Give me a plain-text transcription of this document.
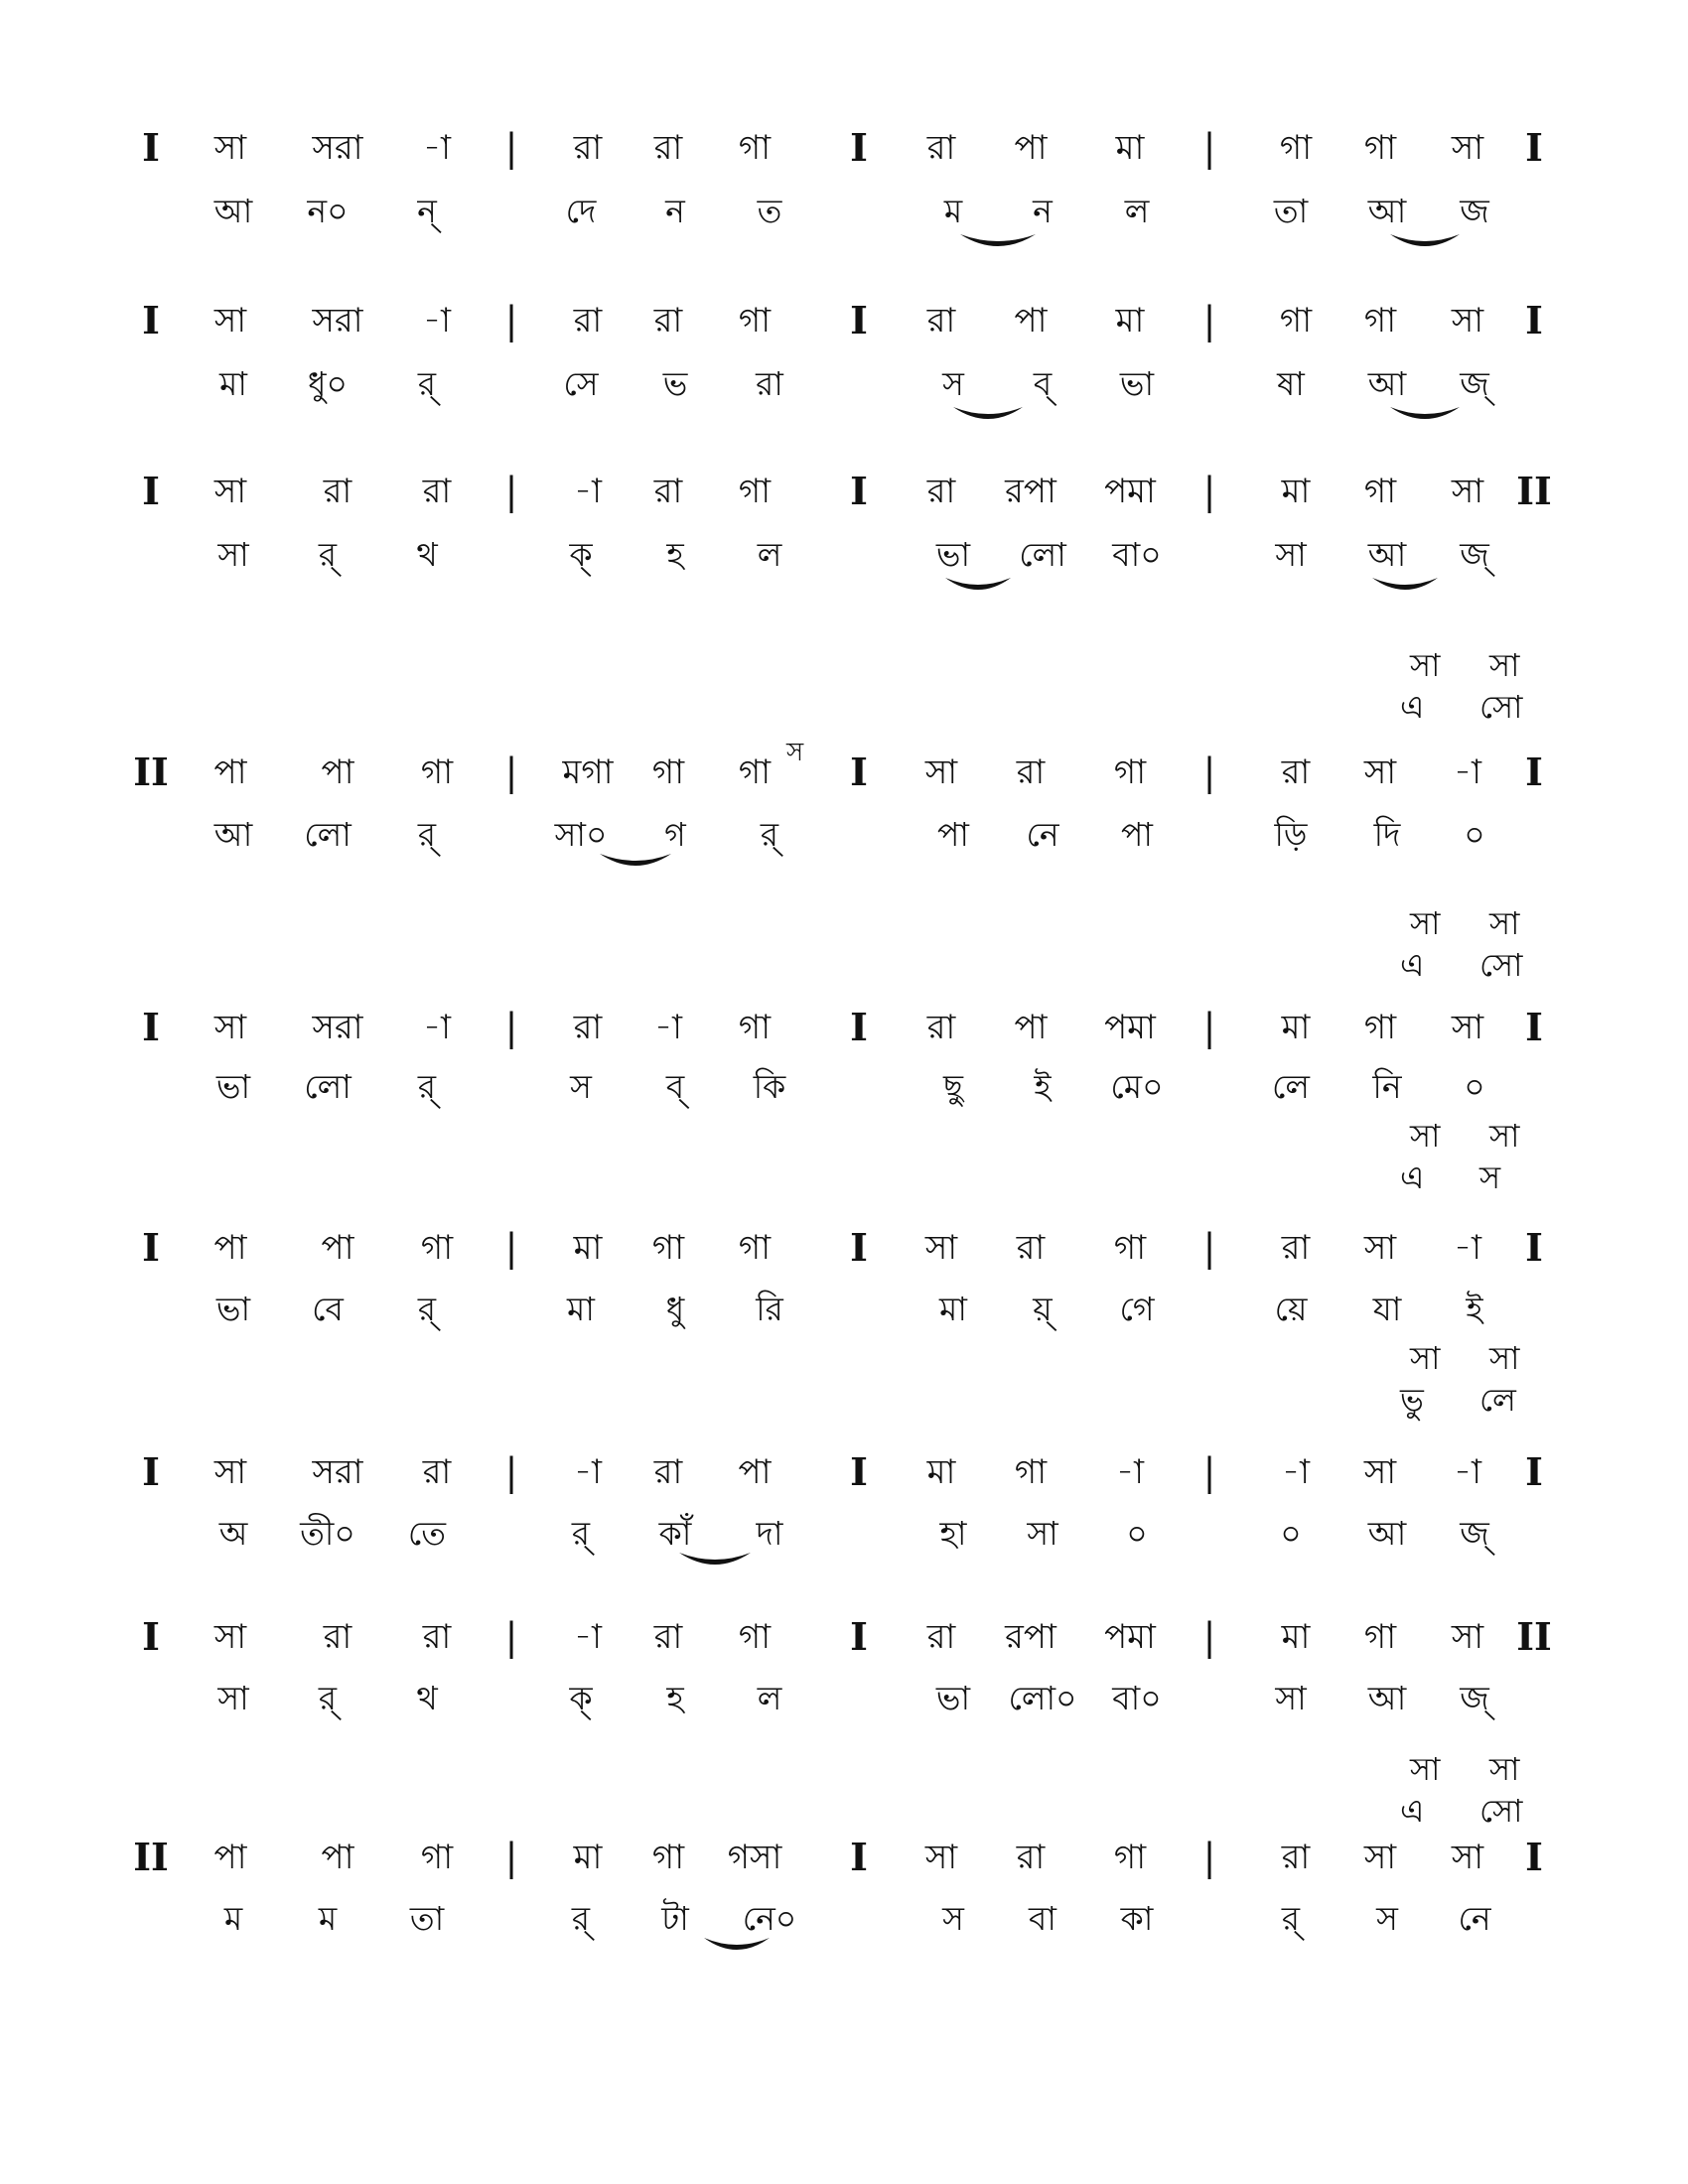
I সা সরা -া | রা রা গা I রা পা মা | গা গা সা I
আ ন০ ন্	দে ন ত	ম ন ল	তা আ জ
I সা সরা -া | রা রা গা I রা পা মা | গা গা সা I
মা ধু০ র্	সে ভ রা	স ব্ ভা	ষা আ জ্
I সা রা রা | -া রা গা I রা রপা পমা | মা গা সা II
সা র্ থ	ক্ হ ল	ভা লো বা০	সা আ জ্
II পা পা গা | মগা গা গা I সা রা গা | রা সা -া I
স
আ লো র্	সা০ গ র্	পা নে পা	ড়ি দি ০
সা সা
এ সো
I সা সরা -া | রা -া গা I রা পা পমা | মা গা সা I
ভা লো র্	স ব্ কি	ছু ই মে০	লে নি ০
সা সা
এ সো
I পা পা গা | মা গা গা I সা রা গা | রা সা -া I
ভা বে র্	মা ধু রি	মা য়্ গে	য়ে যা ই
সা সা
এ স
I সা সরা রা | -া রা পা I মা গা -া | -া সা -া I
অ তী০ তে	র্ কাঁ দা	হা সা ০	০ আ জ্
সা সা
ভু লে
I সা রা রা | -া রা গা I রা রপা পমা | মা গা সা II
সা র্ থ	ক্ হ ল	ভা লো০ বা০	সা আ জ্
II পা পা গা | মা গা গসা I সা রা গা | রা সা সা I
ম ম তা	র্ টা নে০	স বা কা	র্ স নে
সা সা
এ সো
